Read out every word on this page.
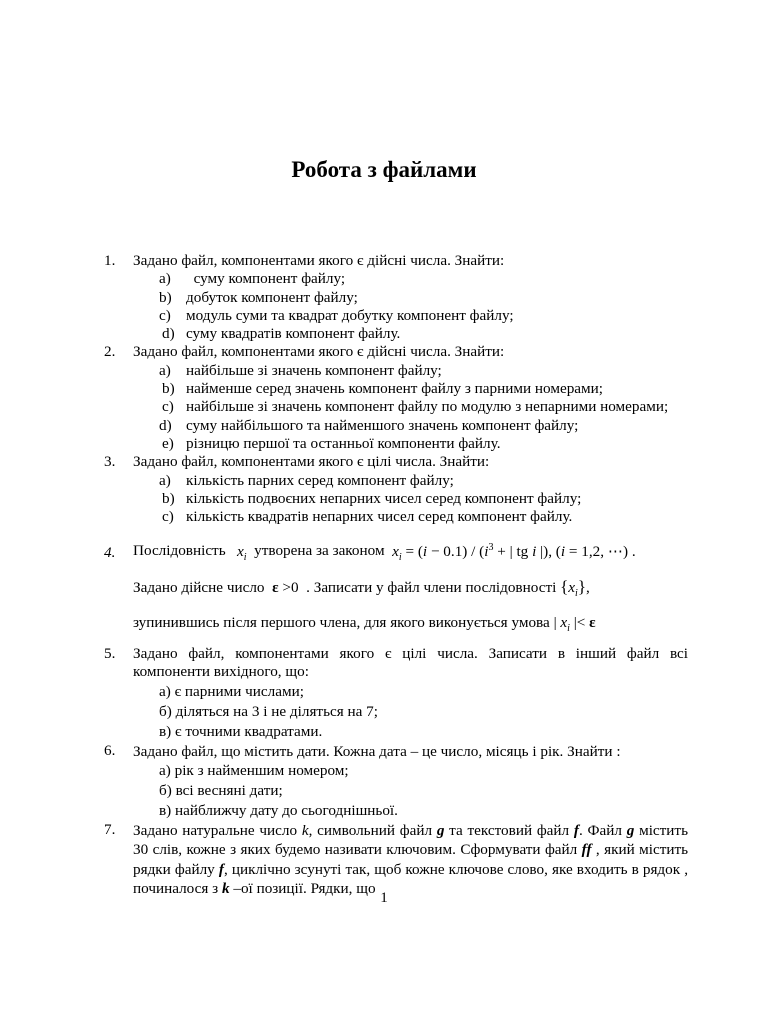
Робота з файлами
1.	Задано файл, компонентами якого є дійсні числа. Знайти:
a) суму компонент файлу;
b) добуток компонент файлу;
c) модуль суми та квадрат добутку компонент файлу;
d) суму квадратів компонент файлу.
2.	Задано файл, компонентами якого є дійсні числа. Знайти:
a) найбільше зі значень компонент файлу;
b) найменше серед значень компонент файлу з парними номерами;
c) найбільше зі значень компонент файлу по модулю з непарними номерами;
d) суму найбільшого та найменшого значень компонент файлу;
e) різницю першої та останньої компоненти файлу.
3.	Задано файл, компонентами якого є цілі числа. Знайти:
a) кількість парних серед компонент файлу;
b) кількість подвоєних непарних чисел серед компонент файлу;
c) кількість квадратів непарних чисел серед компонент файлу.
4.	Послідовність   $x_i$ утворена за законом $x_i = (i - 0.1) / (i^3$ + | tg i |), (i = 1,2, ⋯) .
Задано дійсне число  ε >0  . Записати у файл члени послідовності $\{x_i\}$,
зупинившись після першого члена, для якого виконується умова | $x_i$ |< ε
5.	Задано файл, компонентами якого є цілі числа. Записати в інший файл всі компоненти вихідного, що:
а) є парними числами;
б) діляться на 3 і не діляться на 7;
в) є точними квадратами.
6.	Задано файл, що містить дати. Кожна дата – це число, місяць і рік. Знайти :
а) рік з найменшим номером;
б) всі весняні дати;
в) найближчу дату до сьогоднішньої.
7.	Задано натуральне число k, символьний файл g та текстовий файл f. Файл g містить 30 слів, кожне з яких будемо називати ключовим. Сформувати файл ff , який містить рядки файлу f, циклічно зсунуті так, щоб кожне ключове слово, яке входить в рядок , починалося з k –ої позиції. Рядки, що
1
